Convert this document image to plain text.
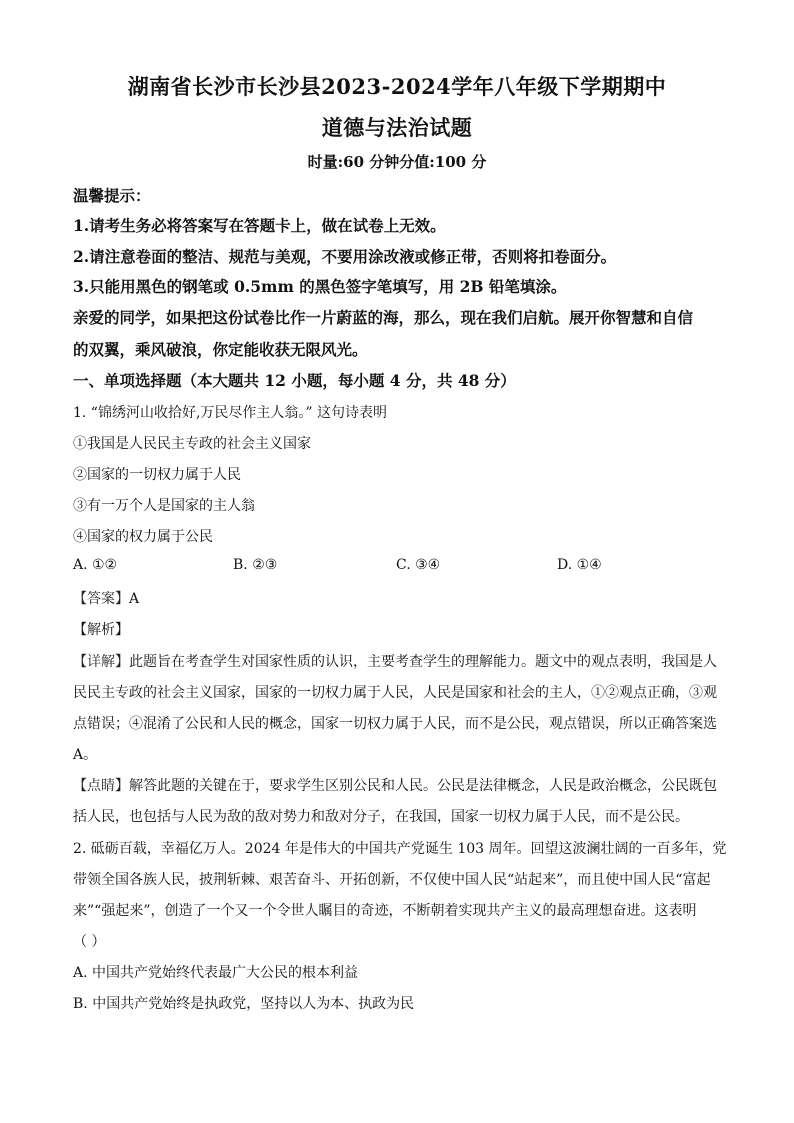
湖南省长沙市长沙县2023-2024学年八年级下学期期中
道德与法治试题
时量:60 分钟分值:100 分
温馨提示：
1.请考生务必将答案写在答题卡上，做在试卷上无效。
2.请注意卷面的整洁、规范与美观，不要用涂改液或修正带，否则将扣卷面分。
3.只能用黑色的钢笔或 0.5mm 的黑色签字笔填写，用 2B 铅笔填涂。
亲爱的同学，如果把这份试卷比作一片蔚蓝的海，那么，现在我们启航。展开你智慧和自信
的双翼，乘风破浪，你定能收获无限风光。
一、单项选择题（本大题共 12 小题，每小题 4 分，共 48 分）
1. “锦绣河山收拾好,万民尽作主人翁。” 这句诗表明
①我国是人民民主专政的社会主义国家
②国家的一切权力属于人民
③有一万个人是国家的主人翁
④国家的权力属于公民
A. ①②	B. ②③	C. ③④	D. ①④
【答案】A
【解析】
【详解】此题旨在考查学生对国家性质的认识，主要考查学生的理解能力。题文中的观点表明，我国是人
民民主专政的社会主义国家，国家的一切权力属于人民，人民是国家和社会的主人，①②观点正确，③观
点错误；④混淆了公民和人民的概念，国家一切权力属于人民，而不是公民，观点错误，所以正确答案选
A。
【点睛】解答此题的关键在于，要求学生区别公民和人民。公民是法律概念，人民是政治概念，公民既包
括人民，也包括与人民为敌的敌对势力和敌对分子，在我国，国家一切权力属于人民，而不是公民。
2. 砥砺百载，幸福亿万人。2024 年是伟大的中国共产党诞生 103 周年。回望这波澜壮阔的一百多年，党
带领全国各族人民，披荆斩棘、艰苦奋斗、开拓创新，不仅使中国人民“站起来”，而且使中国人民“富起
来”“强起来”，创造了一个又一个令世人瞩目的奇迹，不断朝着实现共产主义的最高理想奋进。这表明
（ ）
A. 中国共产党始终代表最广大公民的根本利益
B. 中国共产党始终是执政党，坚持以人为本、执政为民
